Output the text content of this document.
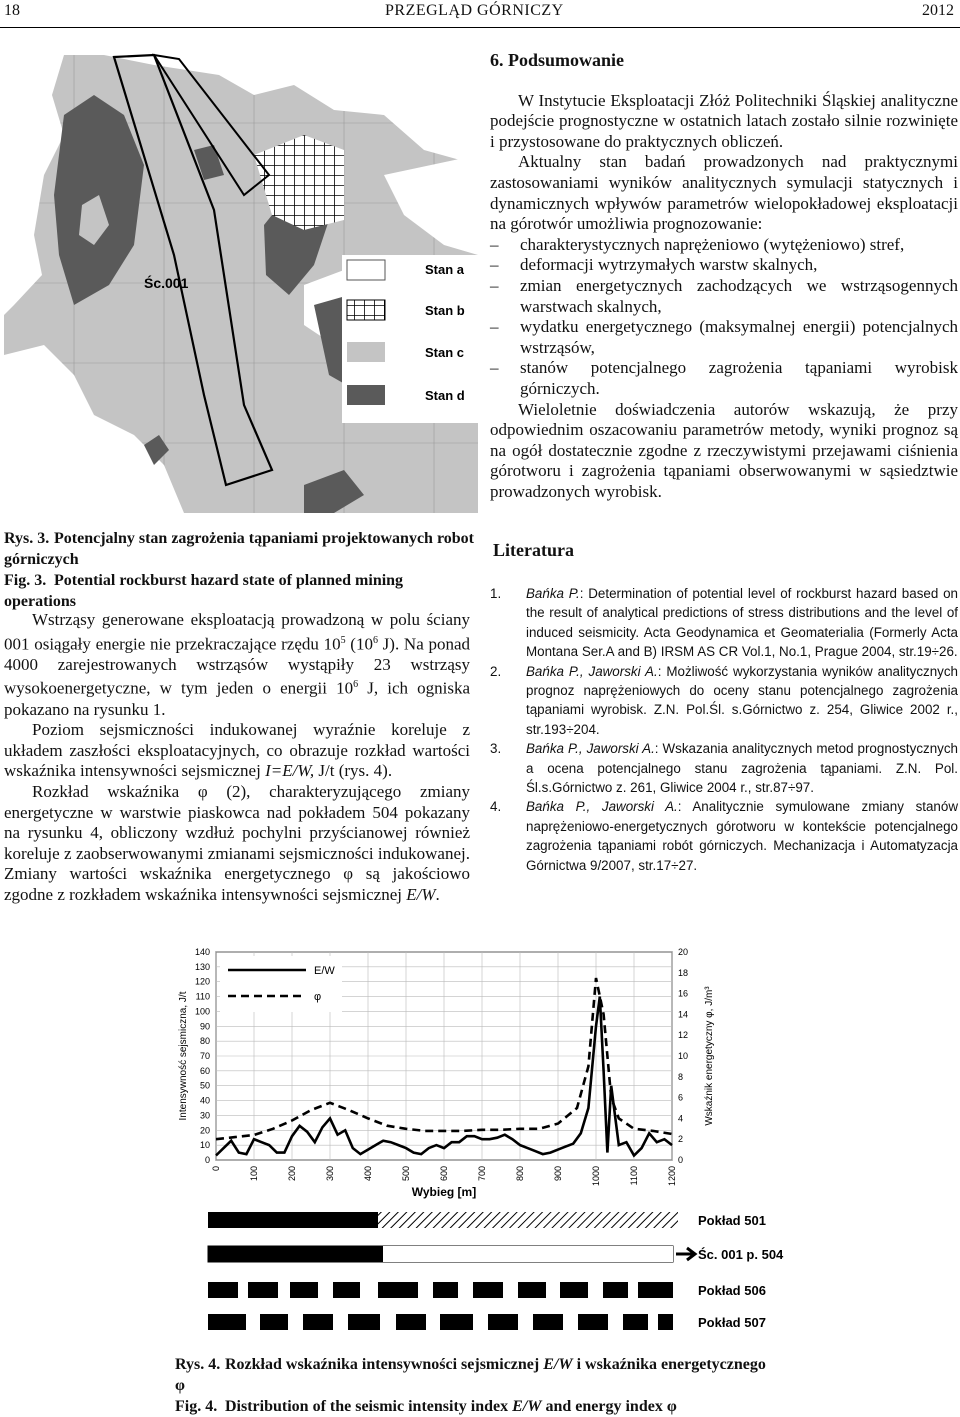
18	PRZEGLĄD GÓRNICZY	2012
Stan a
Stan b
Stan c
Stan d
Śc.001
Rys. 3. Potencjalny stan zagrożenia tąpaniami projektowanych robot górniczych
Fig. 3. Potential rockburst hazard state of planned mining operations

Wstrząsy generowane eksploatacją prowadzoną w polu ściany 001 osiągały energie nie przekraczające rzędu $10^5$ ($10^6$ J). Na ponad 4000 zarejestrowanych wstrząsów wystąpiły 23 wstrząsy wysokoenergetyczne, w tym jeden o energii $10^6$ J, ich ogniska pokazano na rysunku 1.

Poziom sejsmiczności indukowanej wyraźnie koreluje z układem zaszłości eksploatacyjnych, co obrazuje rozkład wartości wskaźnika intensywności sejsmicznej I=E/W, J/t (rys. 4).

Rozkład wskaźnika φ (2), charakteryzującego zmiany energetyczne w warstwie piaskowca nad pokładem 504 pokazany na rysunku 4, obliczony wzdłuż pochylni przyścianowej również koreluje z zaobserwowanymi zmianami sejsmiczności indukowanej. Zmiany wartości wskaźnika energetycznego φ są jakościowo zgodne z rozkładem wskaźnika intensywności sejsmicznej E/W.

6. Podsumowanie

W Instytucie Eksploatacji Złóż Politechniki Śląskiej analityczne podejście prognostyczne w ostatnich latach zostało silnie rozwinięte i przystosowane do praktycznych obliczeń.

Aktualny stan badań prowadzonych nad praktycznymi zastosowaniami wyników analitycznych symulacji statycznych i dynamicznych wpływów parametrów wielopokładowej eksploatacji na górotwór umożliwia prognozowanie:

–	charakterystycznych naprężeniowo (wytężeniowo) stref,
–	deformacji wytrzymałych warstw skalnych,
–	zmian energetycznych zachodzących we wstrząsogennych warstwach skalnych,
–	wydatku energetycznego (maksymalnej energii) potencjalnych wstrząsów,
–	stanów potencjalnego zagrożenia tąpaniami wyrobisk górniczych.

Wieloletnie doświadczenia autorów wskazują, że przy odpowiednim oszacowaniu parametrów metody, wyniki prognoz są na ogół dostatecznie zgodne z rzeczywistymi przejawami ciśnienia górotworu i zagrożenia tąpaniami obserwowanymi w sąsiedztwie prowadzonych wyrobisk.

Literatura
1.	Bańka P.: Determination of potential level of rockburst hazard based on the result of analytical predictions of stress distributions and the level of induced seismicity. Acta Geodynamica et Geomaterialia (Formerly Acta Montana Ser.A and B) IRSM AS CR Vol.1, No.1, Prague 2004, str.19÷26.
2.	Bańka P., Jaworski A.: Możliwość wykorzystania wyników analitycznych prognoz naprężeniowych do oceny stanu potencjalnego zagrożenia tąpaniami wyrobisk. Z.N. Pol.Śl. s.Górnictwo z. 254, Gliwice 2002 r., str.193÷204.
3.	Bańka P., Jaworski A.: Wskazania analitycznych metod prognostycznych a ocena potencjalnego stanu zagrożenia tąpaniami. Z.N. Pol. Śl.s.Górnictwo z. 261, Gliwice 2004 r., str.87÷97.
4.	Bańka P., Jaworski A.: Analitycznie symulowane zmiany stanów naprężeniowo-energetycznych górotworu w kontekście potencjalnego zagrożenia tąpaniami robót górniczych. Mechanizacja i Automatyzacja Górnictwa 9/2007, str.17÷27.
0
10
20
30
40
50
60
70
80
90
100
110
120
130
140
0	100	200	300	400	500	600	700	800	900	1000	1100	1200
0
2
4
6
8
10
12
14
16
18
20
Wybieg [m]
Intensywność sejsmiczna, J/t	Wskaźnik energetyczny φ, J/m³
E/W
φ
Pokład 501
Śc. 001 p. 504
Pokład 506
Pokład 507
Rys. 4. Rozkład wskaźnika intensywności sejsmicznej E/W i wskaźnika energetycznego φ
Fig. 4. Distribution of the seismic intensity index E/W and energy index φ
